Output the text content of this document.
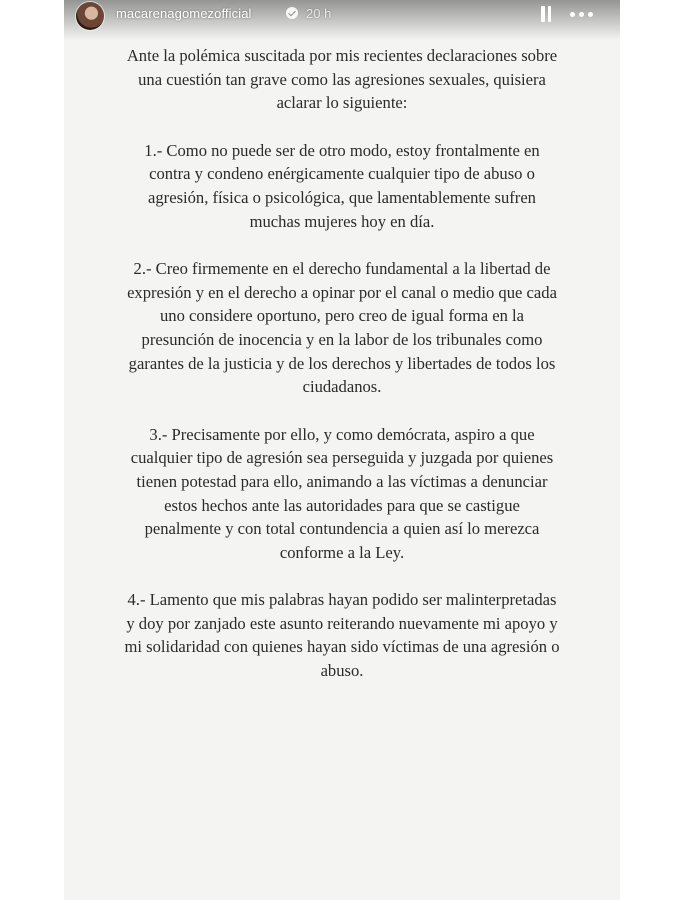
macarenagomezofficial	20 h

Ante la polémica suscitada por mis recientes declaraciones sobre una cuestión tan grave como las agresiones sexuales, quisiera aclarar lo siguiente:

1.- Como no puede ser de otro modo, estoy frontalmente en contra y condeno enérgicamente cualquier tipo de abuso o agresión, física o psicológica, que lamentablemente sufren muchas mujeres hoy en día.

2.- Creo firmemente en el derecho fundamental a la libertad de expresión y en el derecho a opinar por el canal o medio que cada uno considere oportuno, pero creo de igual forma en la presunción de inocencia y en la labor de los tribunales como garantes de la justicia y de los derechos y libertades de todos los ciudadanos.

3.- Precisamente por ello, y como demócrata, aspiro a que cualquier tipo de agresión sea perseguida y juzgada por quienes tienen potestad para ello, animando a las víctimas a denunciar estos hechos ante las autoridades para que se castigue penalmente y con total contundencia a quien así lo merezca conforme a la Ley.

4.- Lamento que mis palabras hayan podido ser malinterpretadas y doy por zanjado este asunto reiterando nuevamente mi apoyo y mi solidaridad con quienes hayan sido víctimas de una agresión o abuso.
